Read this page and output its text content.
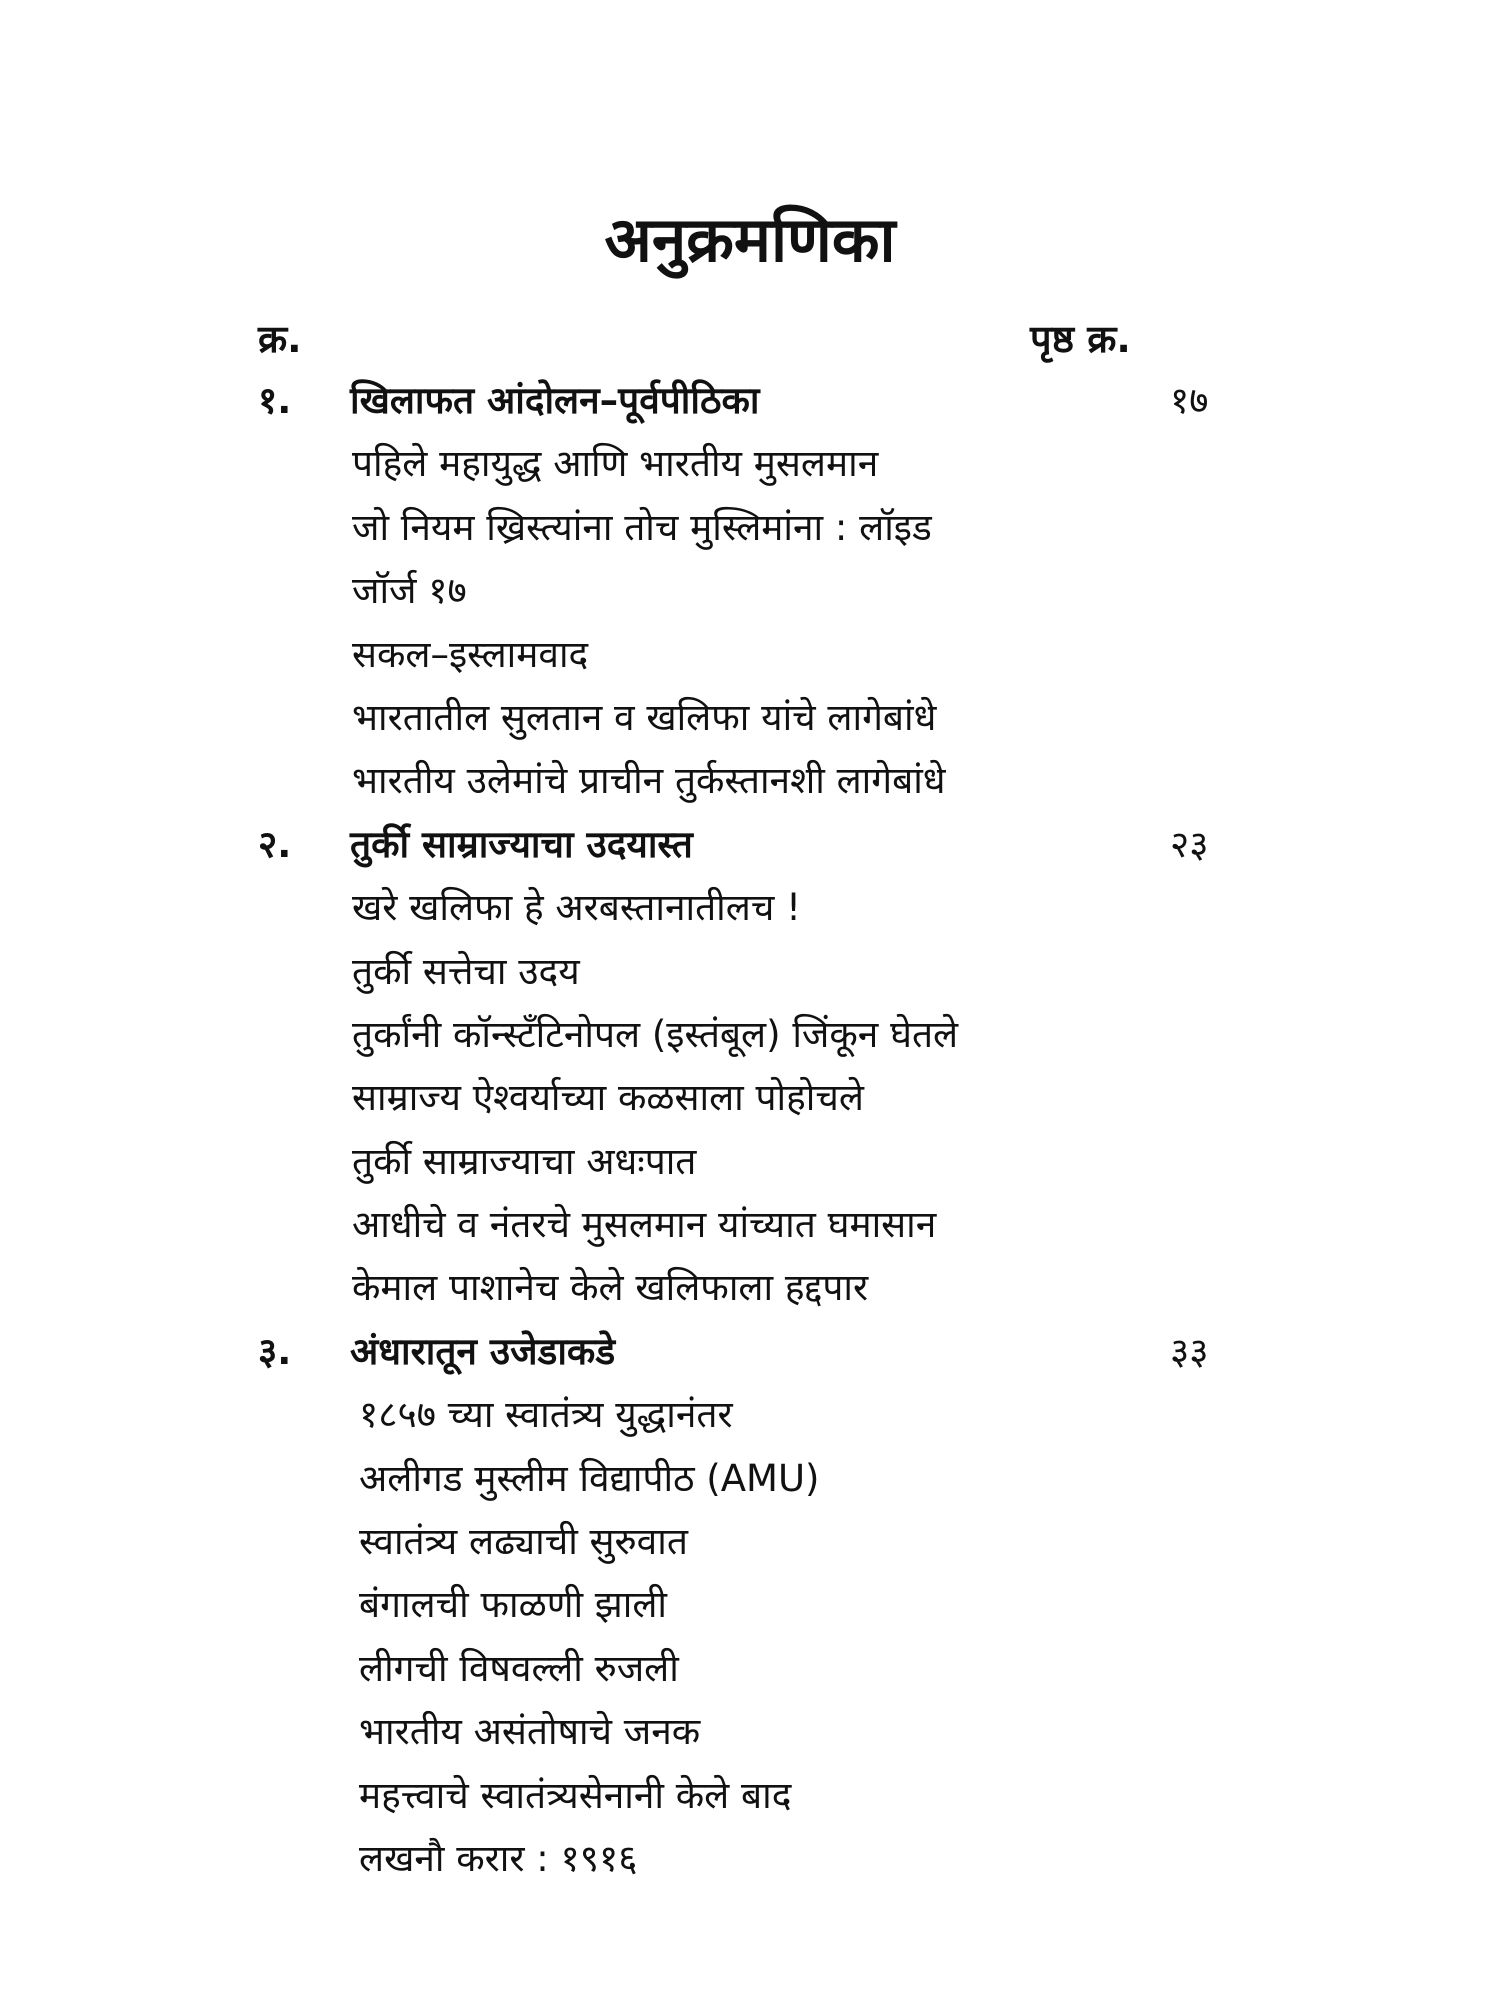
अनुक्रमणिका
क्र.	पृष्ठ क्र.
१. खिलाफत आंदोलन–पूर्वपीठिका	१७
पहिले महायुद्ध आणि भारतीय मुसलमान
जो नियम ख्रिस्त्यांना तोच मुस्लिमांना : लॉइड
जॉर्ज १७
सकल–इस्लामवाद
भारतातील सुलतान व खलिफा यांचे लागेबांधे
भारतीय उलेमांचे प्राचीन तुर्कस्तानशी लागेबांधे
२. तुर्की साम्राज्याचा उदयास्त	२३
खरे खलिफा हे अरबस्तानातीलच !
तुर्की सत्तेचा उदय
तुर्कांनी कॉन्स्टँटिनोपल (इस्तंबूल) जिंकून घेतले
साम्राज्य ऐश्वर्याच्या कळसाला पोहोचले
तुर्की साम्राज्याचा अधःपात
आधीचे व नंतरचे मुसलमान यांच्यात घमासान
केमाल पाशानेच केले खलिफाला हद्दपार
३. अंधारातून उजेडाकडे	३३
१८५७ च्या स्वातंत्र्य युद्धानंतर
अलीगड मुस्लीम विद्यापीठ (AMU)
स्वातंत्र्य लढ्याची सुरुवात
बंगालची फाळणी झाली
लीगची विषवल्ली रुजली
भारतीय असंतोषाचे जनक
महत्त्वाचे स्वातंत्र्यसेनानी केले बाद
लखनौ करार : १९१६
